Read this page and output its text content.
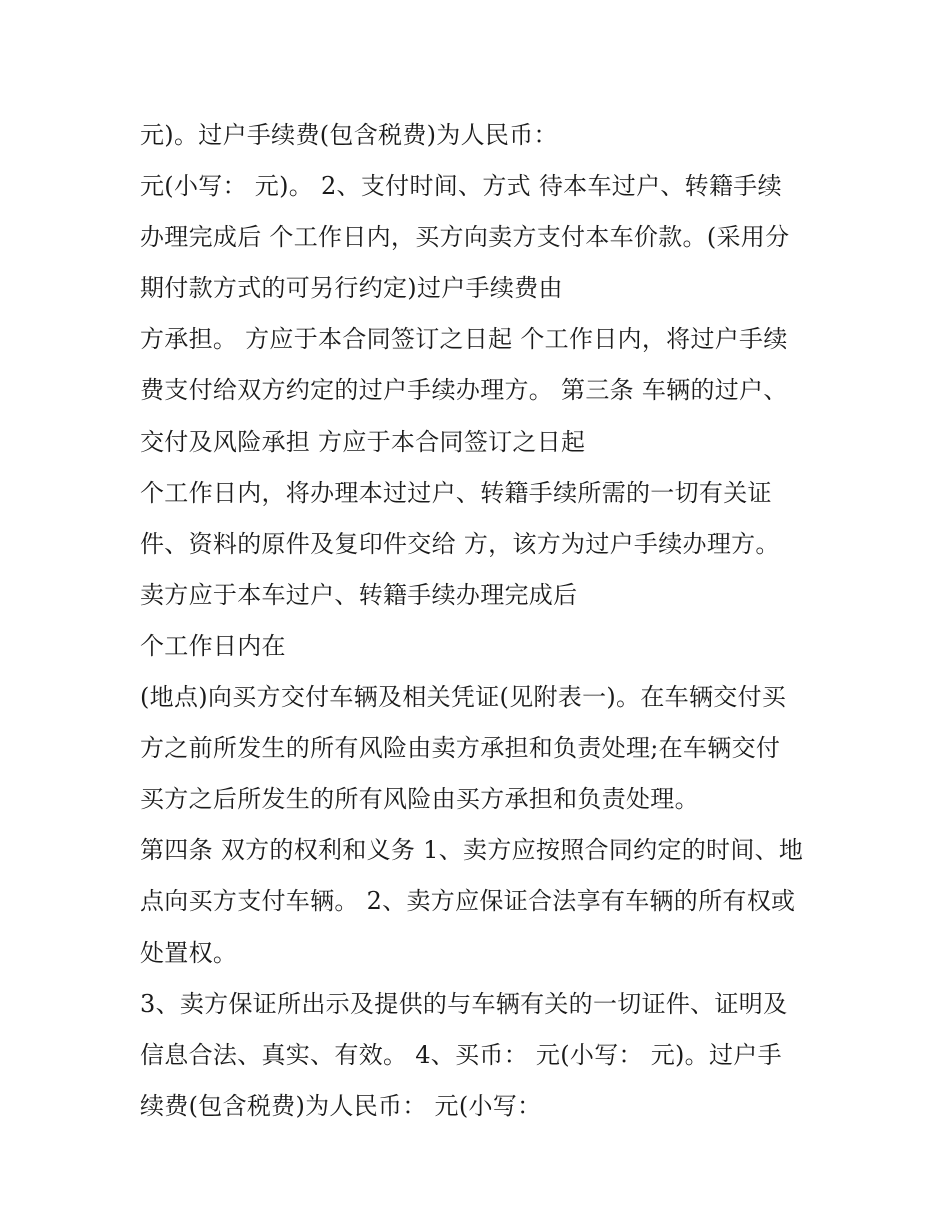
元)。过户手续费(包含税费)为人民币：
元(小写： 元)。 2、支付时间、方式 待本车过户、转籍手续
办理完成后 个工作日内，买方向卖方支付本车价款。(采用分
期付款方式的可另行约定)过户手续费由
方承担。 方应于本合同签订之日起 个工作日内，将过户手续
费支付给双方约定的过户手续办理方。 第三条 车辆的过户、
交付及风险承担 方应于本合同签订之日起
个工作日内，将办理本过过户、转籍手续所需的一切有关证
件、资料的原件及复印件交给 方，该方为过户手续办理方。
卖方应于本车过户、转籍手续办理完成后
个工作日内在
(地点)向买方交付车辆及相关凭证(见附表一)。在车辆交付买
方之前所发生的所有风险由卖方承担和负责处理;在车辆交付
买方之后所发生的所有风险由买方承担和负责处理。
第四条 双方的权利和义务 1、卖方应按照合同约定的时间、地
点向买方支付车辆。 2、卖方应保证合法享有车辆的所有权或
处置权。
3、卖方保证所出示及提供的与车辆有关的一切证件、证明及
信息合法、真实、有效。 4、买币： 元(小写： 元)。过户手
续费(包含税费)为人民币： 元(小写：
